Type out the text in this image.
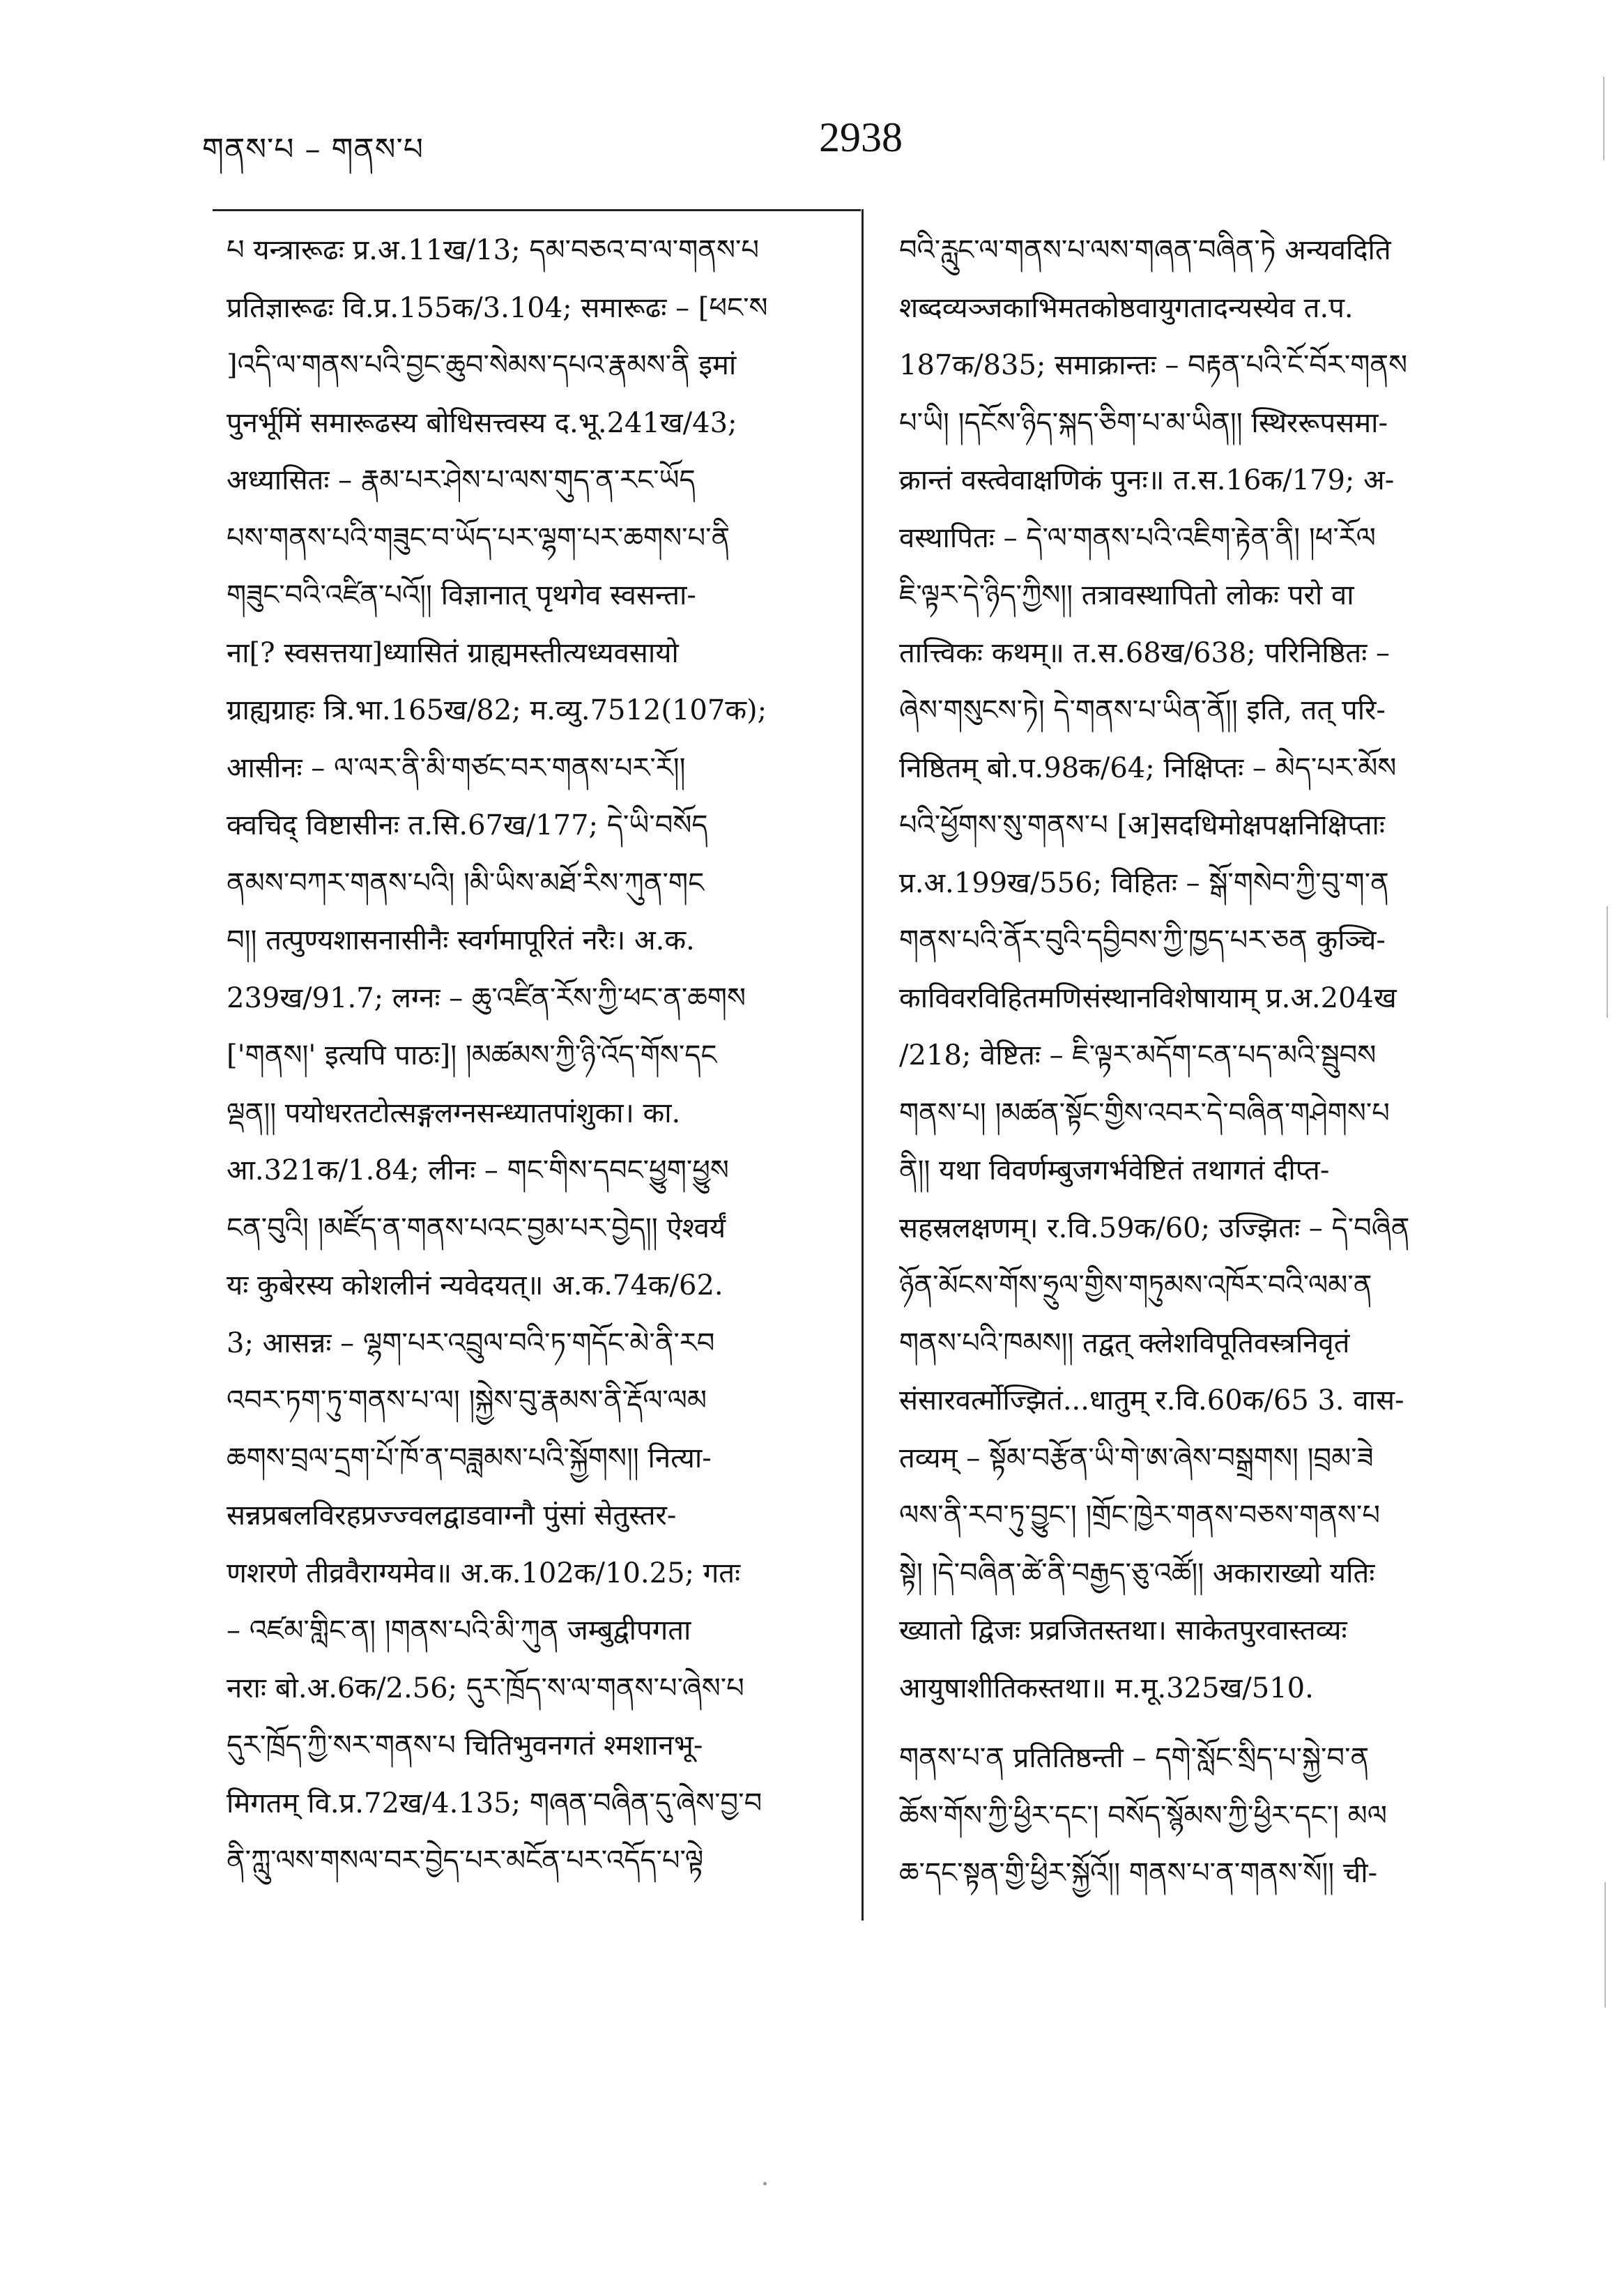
གནས་པ – གནས་པ	2938
པ यन्त्रारूढः प्र.अ.11ख/13; དམ་བཅའ་བ་ལ་གནས་པ
प्रतिज्ञारूढः वि.प्र.155क/3.104; समारूढः – [ཕང་ས
]འདི་ལ་གནས་པའི་བྱང་ཆུབ་སེམས་དཔའ་རྣམས་ནི इमां
पुनर्भूमिं समारूढस्य बोधिसत्त्वस्य द.भू.241ख/43;
अध्यासितः – རྣམ་པར་ཤེས་པ་ལས་གུད་ན་རང་ཡོད
པས་གནས་པའི་གཟུང་བ་ཡོད་པར་ལྷག་པར་ཆགས་པ་ནི
གཟུང་བའི་འཛིན་པའོ།། विज्ञानात् पृथगेव स्वसन्ता-
ना[? स्वसत्तया]ध्यासितं ग्राह्यमस्तीत्यध्यवसायो
ग्राह्यग्राहः त्रि.भा.165ख/82; म.व्यु.7512(107क);
आसीनः – ལ་ལར་ནི་མི་གཙང་བར་གནས་པར་རོ།།
क्वचिद् विष्टासीनः त.सि.67ख/177; དེ་ཡི་བསོད
ནམས་བཀར་གནས་པའི། །མི་ཡིས་མཐོ་རིས་ཀུན་གང
བ།། तत्पुण्यशासनासीनैः स्वर्गमापूरितं नरैः। अ.क.
239ख/91.7; लग्नः – ཆུ་འཛིན་རོས་ཀྱི་ཕང་ན་ཆགས
['གནས།' इत्यपि पाठः]། །མཚམས་ཀྱི་ཉི་འོད་གོས་དང
ལྡན།། पयोधरतटोत्सङ्गलग्नसन्ध्यातपांशुका। का.
आ.321क/1.84; लीनः – གང་གིས་དབང་ཕྱུག་ཕྱུས
ངན་བུའི། །མཛོད་ན་གནས་པའང་བྱམ་པར་བྱེད།། ऐश्वर्यं
यः कुबेरस्य कोशलीनं न्यवेदयत्॥ अ.क.74क/62.
3; आसन्नः – ལྷག་པར་འབྲུལ་བའི་ཏ་གདོང་མེ་ནི་རབ
འབར་ཏག་ཏུ་གནས་པ་ལ། །སྐྱེས་བུ་རྣམས་ནི་རྡོལ་ལམ
ཆགས་བྲལ་དྲག་པོ་ཁོ་ན་བཟླམས་པའི་སྐྱོགས།། नित्या-
सन्नप्रबलविरहप्रज्ज्वलद्वाडवाग्नौ पुंसां सेतुस्तर-
णशरणे तीव्रवैराग्यमेव॥ अ.क.102क/10.25; गतः
– འཛམ་གླིང་ན། །གནས་པའི་མི་ཀུན जम्बुद्वीपगता
नराः बो.अ.6क/2.56; དུར་ཁྲོད་ས་ལ་གནས་པ་ཞེས་པ
དུར་ཁྲོད་ཀྱི་སར་གནས་པ चितिभुवनगतं श्मशानभू-
मिगतम् वि.प्र.72ख/4.135; གཞན་བཞིན་དུ་ཞེས་བྱ་བ
ནི་ཀླུ་ལས་གསལ་བར་བྱེད་པར་མངོན་པར་འདོད་པ་ལྟེ
བའི་རླུང་ལ་གནས་པ་ལས་གཞན་བཞིན་ཏེ अन्यवदिति
शब्दव्यञ्जकाभिमतकोष्ठवायुगतादन्यस्येव त.प.
187क/835; समाक्रान्तः – བརྟན་པའི་ངོ་བོར་གནས
པ་ཡི། །དངོས་ཉིད་སྐད་ཅིག་པ་མ་ཡིན།། स्थिररूपसमा-
क्रान्तं वस्त्वेवाक्षणिकं पुनः॥ त.स.16क/179; अ-
वस्थापितः – དེ་ལ་གནས་པའི་འཇིག་རྟེན་ནི། །ཕ་རོལ
ཇི་ལྟར་དེ་ཉིད་ཀྱིས།། तत्रावस्थापितो लोकः परो वा
तात्त्विकः कथम्॥ त.स.68ख/638; परिनिष्ठितः –
ཞེས་གསུངས་ཏེ། དེ་གནས་པ་ཡིན་ནོ།། इति, तत् परि-
निष्ठितम् बो.प.98क/64; निक्षिप्तः – མེད་པར་མོས
པའི་ཕྱོགས་སུ་གནས་པ [अ]सदधिमोक्षपक्षनिक्षिप्ताः
प्र.अ.199ख/556; विहितः – སྒོ་གསེབ་ཀྱི་བུ་ག་ན
གནས་པའི་ནོར་བུའི་དབྱིབས་ཀྱི་ཁྱད་པར་ཅན कुञ्चि-
काविवरविहितमणिसंस्थानविशेषायाम् प्र.अ.204ख
/218; वेष्टितः – ཇི་ལྟར་མདོག་ངན་པད་མའི་སྦུབས
གནས་པ། །མཚན་སྟོང་གྱིས་འབར་དེ་བཞིན་གཤེགས་པ
ནི།། यथा विवर्णम्बुजगर्भवेष्टितं तथागतं दीप्त-
सहस्रलक्षणम्। र.वि.59क/60; उज्झितः – དེ་བཞིན
ཉོན་མོངས་གོས་ཧྲུལ་གྱིས་གཏུམས་འཁོར་བའི་ལམ་ན
གནས་པའི་ཁམས།། तद्वत् क्लेशविपूतिवस्त्रनिवृतं
संसारवर्त्मोज्झितं...धातुम् र.वि.60क/65 3. वास-
तव्यम् – སྟོམ་བརྩོན་ཡི་གེ་ཨ་ཞེས་བསྒྲགས། །བྲམ་ཟེ
ལས་ནི་རབ་ཏུ་བྱུང་། །གྲོང་ཁྱེར་གནས་བཅས་གནས་པ
སྟེ། །དེ་བཞིན་ཚེ་ནི་བརྒྱད་ཅུ་འཚོ།། अकाराख्यो यतिः
ख्यातो द्विजः प्रव्रजितस्तथा। साकेतपुरवास्तव्यः
आयुषाशीतिकस्तथा॥ म.मू.325ख/510.
གནས་པ་ན प्रतितिष्ठन्ती – དགེ་སློང་སྲིད་པ་སྐྱེ་བ་ན
ཆོས་གོས་ཀྱི་ཕྱིར་དང་། བསོད་སྙོམས་ཀྱི་ཕྱིར་དང་། མལ
ཆ་དང་སྟན་གྱི་ཕྱིར་སྐྱོའོ།། གནས་པ་ན་གནས་སོ།། ची-
